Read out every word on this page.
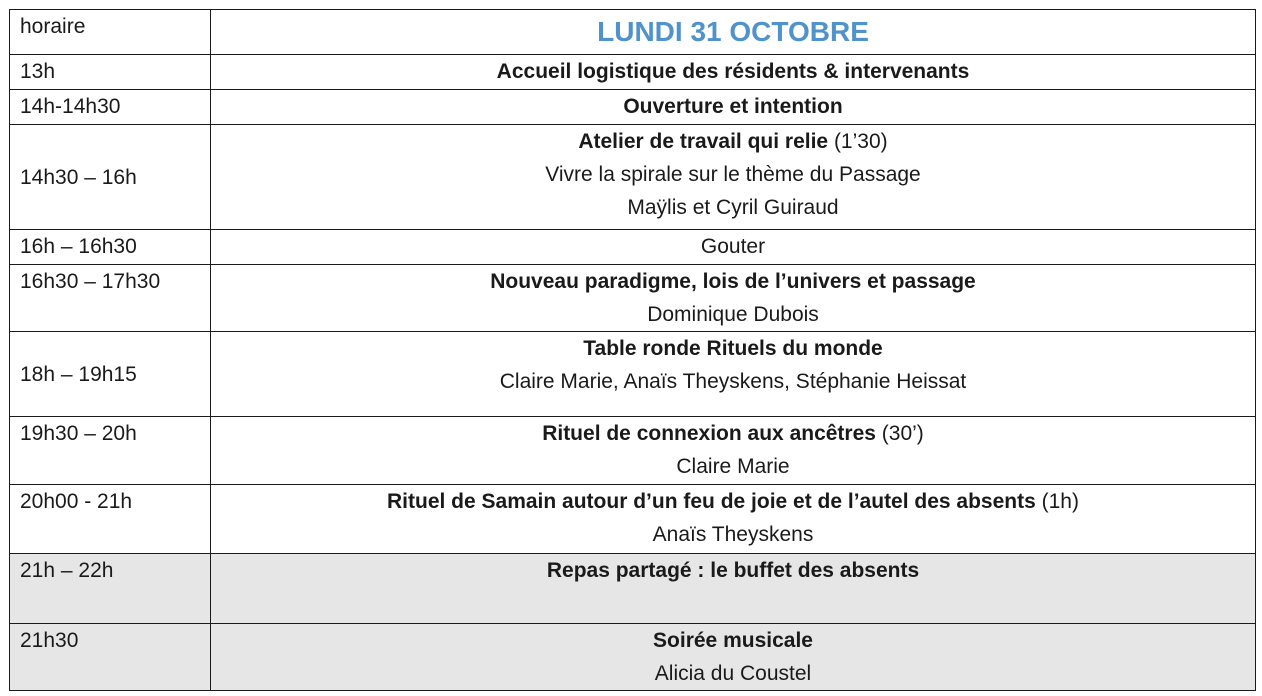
horaire	LUNDI 31 OCTOBRE

13h	Accueil logistique des résidents & intervenants

14h-14h30	Ouverture et intention

14h30 – 16h	Atelier de travail qui relie (1’30)
Vivre la spirale sur le thème du Passage
Maÿlis et Cyril Guiraud

16h – 16h30	Gouter

16h30 – 17h30	Nouveau paradigme, lois de l’univers et passage
Dominique Dubois

18h – 19h15	Table ronde Rituels du monde
Claire Marie, Anaïs Theyskens, Stéphanie Heissat

19h30 – 20h	Rituel de connexion aux ancêtres (30’)
Claire Marie

20h00 - 21h	Rituel de Samain autour d’un feu de joie et de l’autel des absents (1h)
Anaïs Theyskens

21h – 22h	Repas partagé : le buffet des absents

21h30	Soirée musicale
Alicia du Coustel
